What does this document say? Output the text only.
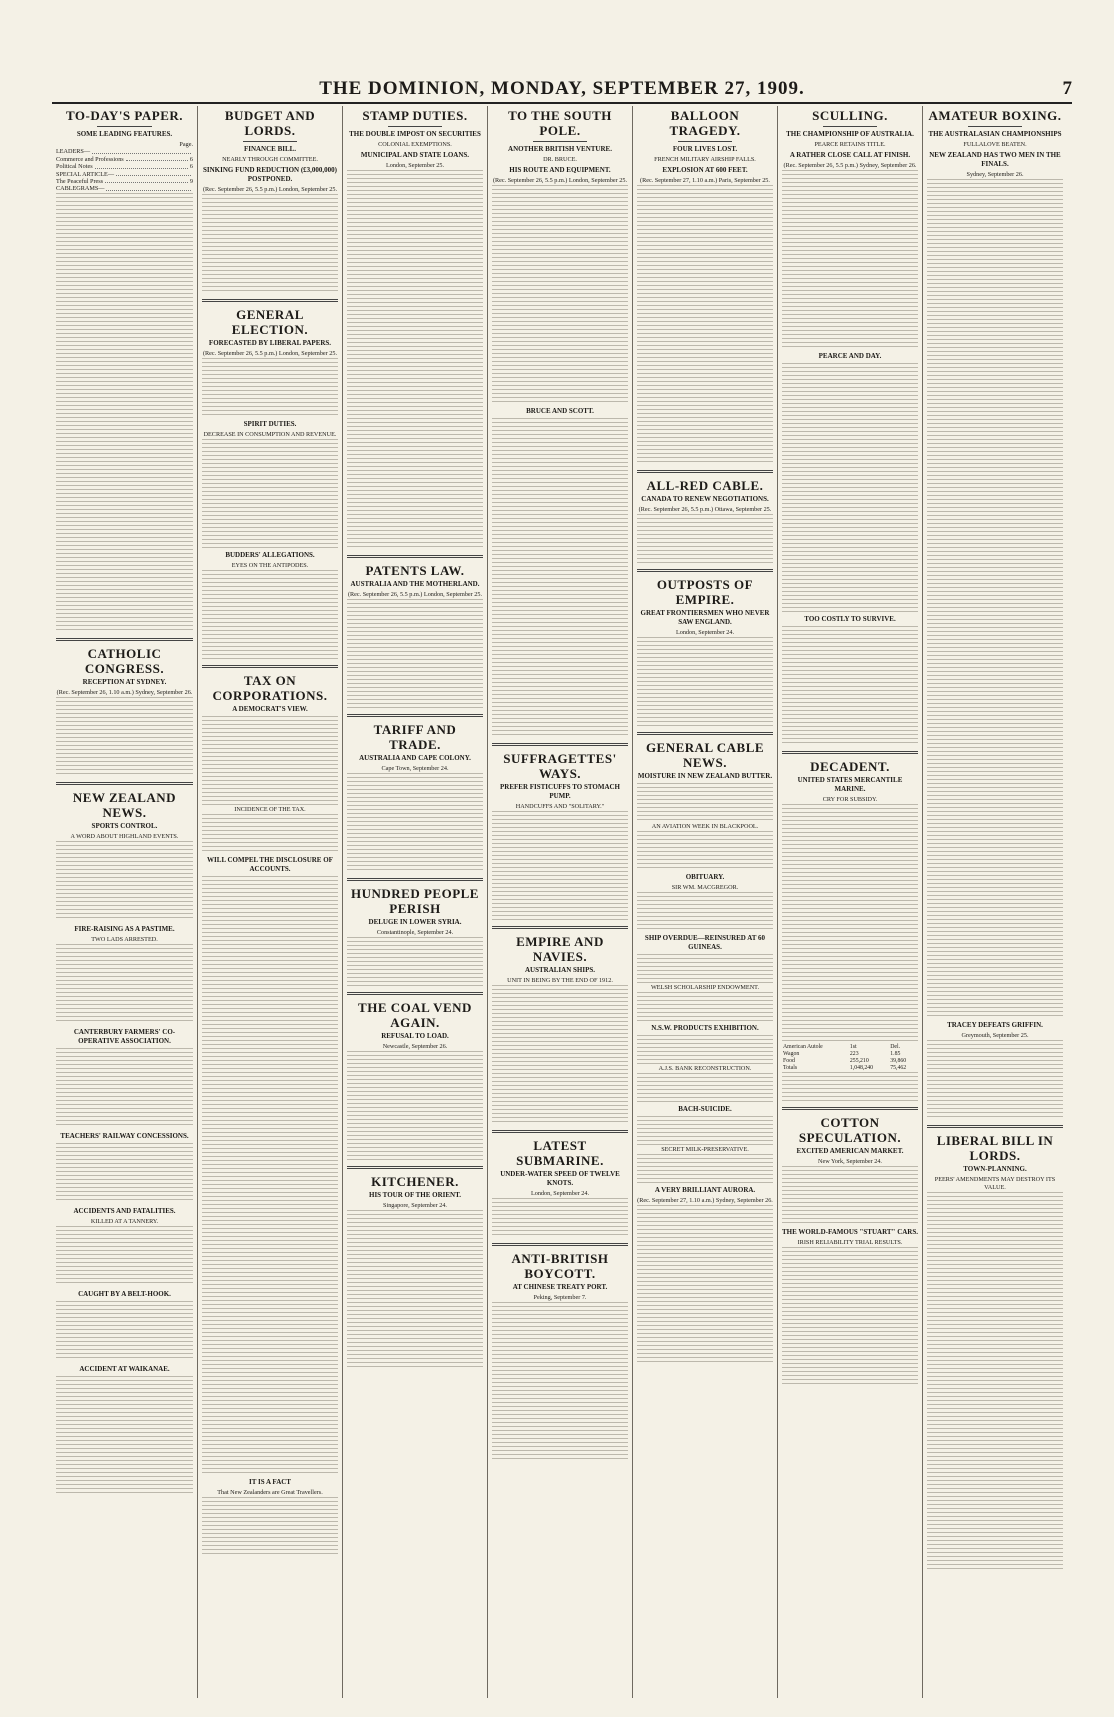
THE DOMINION, MONDAY, SEPTEMBER 27, 1909.	7
TO-DAY'S PAPER.
SOME LEADING FEATURES.
Page.
LEADERS—
Commerce and Professions	6
Political Notes	6
SPECIAL ARTICLE—
The Peaceful Press	9
CABLEGRAMS—
CATHOLIC CONGRESS.
RECEPTION AT SYDNEY.
(Rec. September 26, 1.10 a.m.) Sydney, September 26.
NEW ZEALAND NEWS.
SPORTS CONTROL.
A WORD ABOUT HIGHLAND EVENTS.
FIRE-RAISING AS A PASTIME.
TWO LADS ARRESTED.
CANTERBURY FARMERS' CO-OPERATIVE ASSOCIATION.
TEACHERS' RAILWAY CONCESSIONS.
ACCIDENTS AND FATALITIES.
KILLED AT A TANNERY.
CAUGHT BY A BELT-HOOK.
ACCIDENT AT WAIKANAE.
BUDGET AND LORDS.
FINANCE BILL.
NEARLY THROUGH COMMITTEE.
SINKING FUND REDUCTION (£3,000,000) POSTPONED.
(Rec. September 26, 5.5 p.m.) London, September 25.
GENERAL ELECTION.
FORECASTED BY LIBERAL PAPERS.
(Rec. September 26, 5.5 p.m.) London, September 25.
SPIRIT DUTIES.
DECREASE IN CONSUMPTION AND REVENUE.
BUDDERS' ALLEGATIONS.
EYES ON THE ANTIPODES.
TAX ON CORPORATIONS.
A DEMOCRAT'S VIEW.
INCIDENCE OF THE TAX.
WILL COMPEL THE DISCLOSURE OF ACCOUNTS.
IT IS A FACT
That New Zealanders are Great Travellers.
STAMP DUTIES.
THE DOUBLE IMPOST ON SECURITIES
COLONIAL EXEMPTIONS.
MUNICIPAL AND STATE LOANS.
London, September 25.
PATENTS LAW.
AUSTRALIA AND THE MOTHERLAND.
(Rec. September 26, 5.5 p.m.) London, September 25.
TARIFF AND TRADE.
AUSTRALIA AND CAPE COLONY.
Cape Town, September 24.
HUNDRED PEOPLE PERISH
DELUGE IN LOWER SYRIA.
Constantinople, September 24.
THE COAL VEND AGAIN.
REFUSAL TO LOAD.
Newcastle, September 26.
KITCHENER.
HIS TOUR OF THE ORIENT.
Singapore, September 24.
TO THE SOUTH POLE.
ANOTHER BRITISH VENTURE.
DR. BRUCE.
HIS ROUTE AND EQUIPMENT.
(Rec. September 26, 5.5 p.m.) London, September 25.
BRUCE AND SCOTT.
SUFFRAGETTES' WAYS.
PREFER FISTICUFFS TO STOMACH PUMP.
HANDCUFFS AND "SOLITARY."
EMPIRE AND NAVIES.
AUSTRALIAN SHIPS.
UNIT IN BEING BY THE END OF 1912.
LATEST SUBMARINE.
UNDER-WATER SPEED OF TWELVE KNOTS.
London, September 24.
ANTI-BRITISH BOYCOTT.
AT CHINESE TREATY PORT.
Peking, September 7.
BALLOON TRAGEDY.
FOUR LIVES LOST.
FRENCH MILITARY AIRSHIP FALLS.
EXPLOSION AT 600 FEET.
(Rec. September 27, 1.10 a.m.) Paris, September 25.
ALL-RED CABLE.
CANADA TO RENEW NEGOTIATIONS.
(Rec. September 26, 5.5 p.m.) Ottawa, September 25.
OUTPOSTS OF EMPIRE.
GREAT FRONTIERSMEN WHO NEVER SAW ENGLAND.
London, September 24.
GENERAL CABLE NEWS.
MOISTURE IN NEW ZEALAND BUTTER.
AN AVIATION WEEK IN BLACKPOOL.
OBITUARY.
SIR WM. MACGREGOR.
SHIP OVERDUE—REINSURED AT 60 GUINEAS.
WELSH SCHOLARSHIP ENDOWMENT.
N.S.W. PRODUCTS EXHIBITION.
A.J.S. BANK RECONSTRUCTION.
BACH-SUICIDE.
SECRET MILK-PRESERVATIVE.
A VERY BRILLIANT AURORA.
(Rec. September 27, 1.10 a.m.) Sydney, September 26.
SCULLING.
THE CHAMPIONSHIP OF AUSTRALIA.
PEARCE RETAINS TITLE.
A RATHER CLOSE CALL AT FINISH.
(Rec. September 26, 5.5 p.m.) Sydney, September 26.
PEARCE AND DAY.
TOO COSTLY TO SURVIVE.
DECADENT.
UNITED STATES MERCANTILE MARINE.
CRY FOR SUBSIDY.
American Autole	1st	Del.
Wagon	223	1.85
Food	255,210	39,860
Totals	1,048,240	75,462
COTTON SPECULATION.
EXCITED AMERICAN MARKET.
New York, September 24.
THE WORLD-FAMOUS "STUART" CARS.
IRISH RELIABILITY TRIAL RESULTS.
AMATEUR BOXING.
THE AUSTRALASIAN CHAMPIONSHIPS
FULLALOVE BEATEN.
NEW ZEALAND HAS TWO MEN IN THE FINALS.
Sydney, September 26.
TRACEY DEFEATS GRIFFIN.
Greymouth, September 25.
LIBERAL BILL IN LORDS.
TOWN-PLANNING.
PEERS' AMENDMENTS MAY DESTROY ITS VALUE.
